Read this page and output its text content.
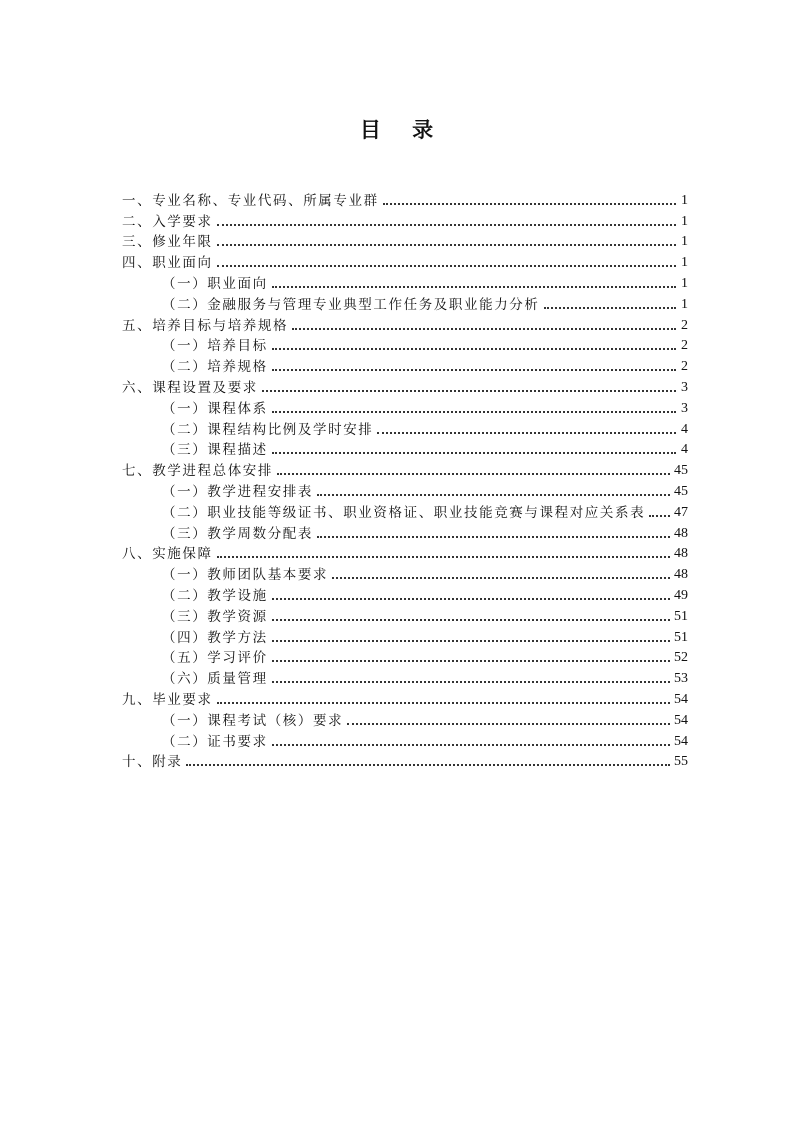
目 录
一、专业名称、专业代码、所属专业群	1
二、入学要求	1
三、修业年限	1
四、职业面向	1
（一）职业面向	1
（二）金融服务与管理专业典型工作任务及职业能力分析	1
五、培养目标与培养规格	2
（一）培养目标	2
（二）培养规格	2
六、课程设置及要求	3
（一）课程体系	3
（二）课程结构比例及学时安排	4
（三）课程描述	4
七、教学进程总体安排	45
（一）教学进程安排表	45
（二）职业技能等级证书、职业资格证、职业技能竞赛与课程对应关系表 47
（三）教学周数分配表	48
八、实施保障	48
（一）教师团队基本要求	48
（二）教学设施	49
（三）教学资源	51
（四）教学方法	51
（五）学习评价	52
（六）质量管理	53
九、毕业要求	54
（一）课程考试（核）要求	54
（二）证书要求	54
十、附录	55
